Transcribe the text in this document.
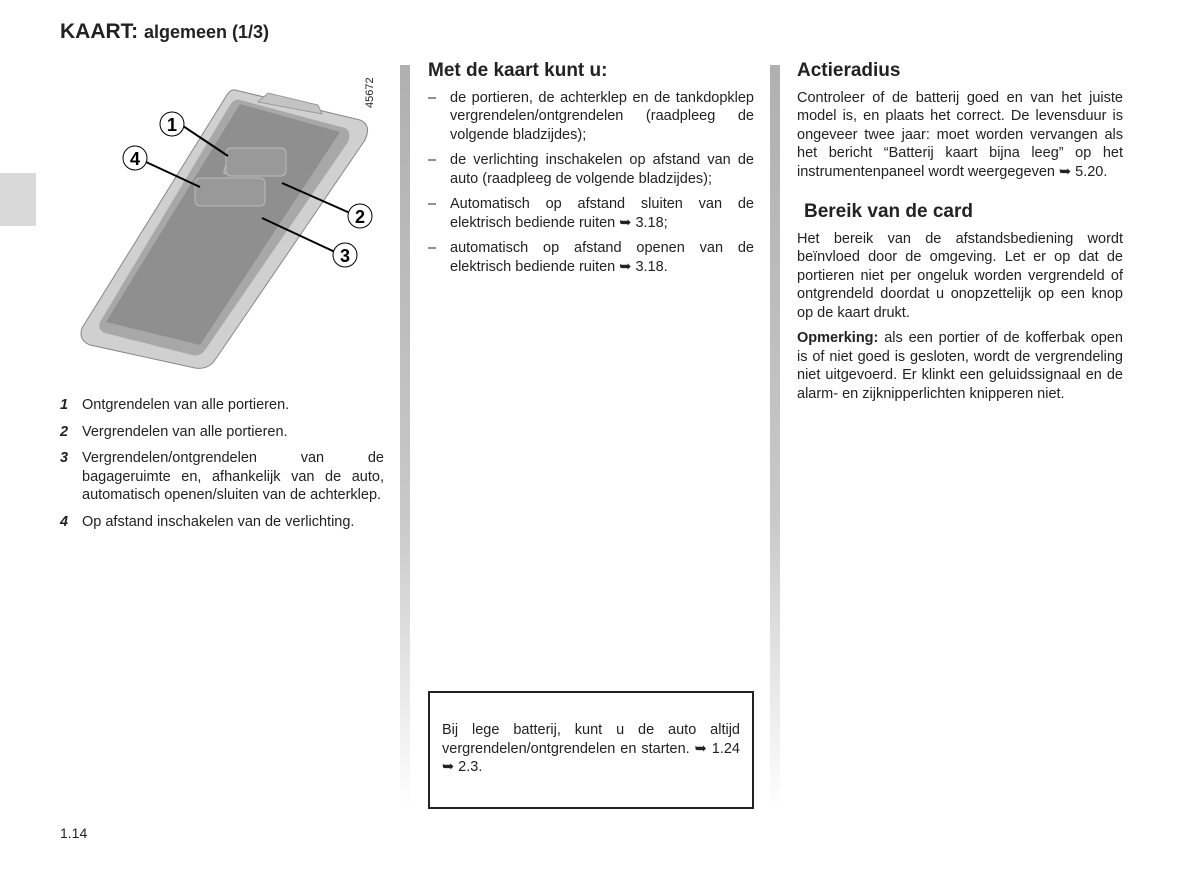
KAART: algemeen (1/3)
1
2
3
4
45672
1 Ontgrendelen van alle portieren.
2 Vergrendelen van alle portieren.
3 Vergrendelen/ontgrendelen van de bagageruimte en, afhankelijk van de auto, automatisch openen/sluiten van de achterklep.
4 Op afstand inschakelen van de verlichting.
Met de kaart kunt u:
– de portieren, de achterklep en de tankdopklep vergrendelen/ontgrendelen (raadpleeg de volgende bladzijdes);
– de verlichting inschakelen op afstand van de auto (raadpleeg de volgende bladzijdes);
– Automatisch op afstand sluiten van de elektrisch bediende ruiten ➥ 3.18;
– automatisch op afstand openen van de elektrisch bediende ruiten ➥ 3.18.

Bij lege batterij, kunt u de auto altijd vergrendelen/ontgrendelen en starten. ➥ 1.24 ➥ 2.3.

Actieradius

Controleer of de batterij goed en van het juiste model is, en plaats het correct. De levensduur is ongeveer twee jaar: moet worden vervangen als het bericht “Batterij kaart bijna leeg” op het instrumentenpaneel wordt weergegeven ➥ 5.20.

Bereik van de card

Het bereik van de afstandsbediening wordt beïnvloed door de omgeving. Let er op dat de portieren niet per ongeluk worden vergrendeld of ontgrendeld doordat u onopzettelijk op een knop op de kaart drukt.

Opmerking: als een portier of de kofferbak open is of niet goed is gesloten, wordt de vergrendeling niet uitgevoerd. Er klinkt een geluidssignaal en de alarm- en zijknipperlichten knipperen niet.

1.14
